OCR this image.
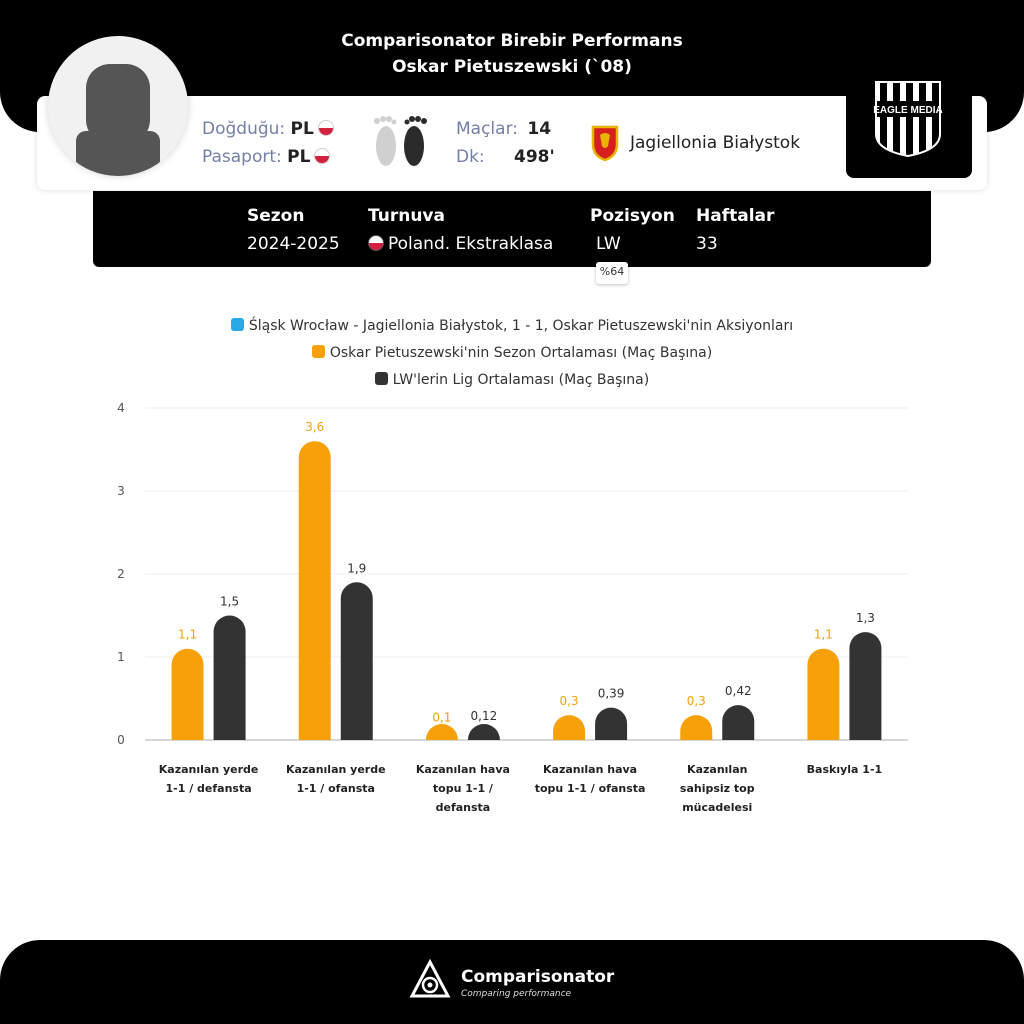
Comparisonator Birebir Performans
Oskar Pietuszewski (`08)
Doğduğu: PL
Pasaport: PL
Maçlar: 14
Dk: 498'
Jagiellonia Białystok
EAGLE MEDIA
Sezon
2024-2025
Turnuva
Poland. Ekstraklasa
Pozisyon
LW
%64
Haftalar
33
Śląsk Wrocław - Jagiellonia Białystok, 1 - 1, Oskar Pietuszewski'nin Aksiyonları
Oskar Pietuszewski'nin Sezon Ortalaması (Maç Başına)
LW'lerin Lig Ortalaması (Maç Başına)
0
1
2
3
4
1,1
1,5
Kazanılan yerde
1-1 / defansta
3,6
1,9
Kazanılan yerde
1-1 / ofansta
0,1 0,12
Kazanılan hava
topu 1-1 /
defansta
0,3
0,39
Kazanılan hava
topu 1-1 / ofansta
0,3
0,42
Kazanılan
sahipsiz top
mücadelesi
1,1
1,3
Baskıyla 1-1
Comparisonator
Comparing performance
